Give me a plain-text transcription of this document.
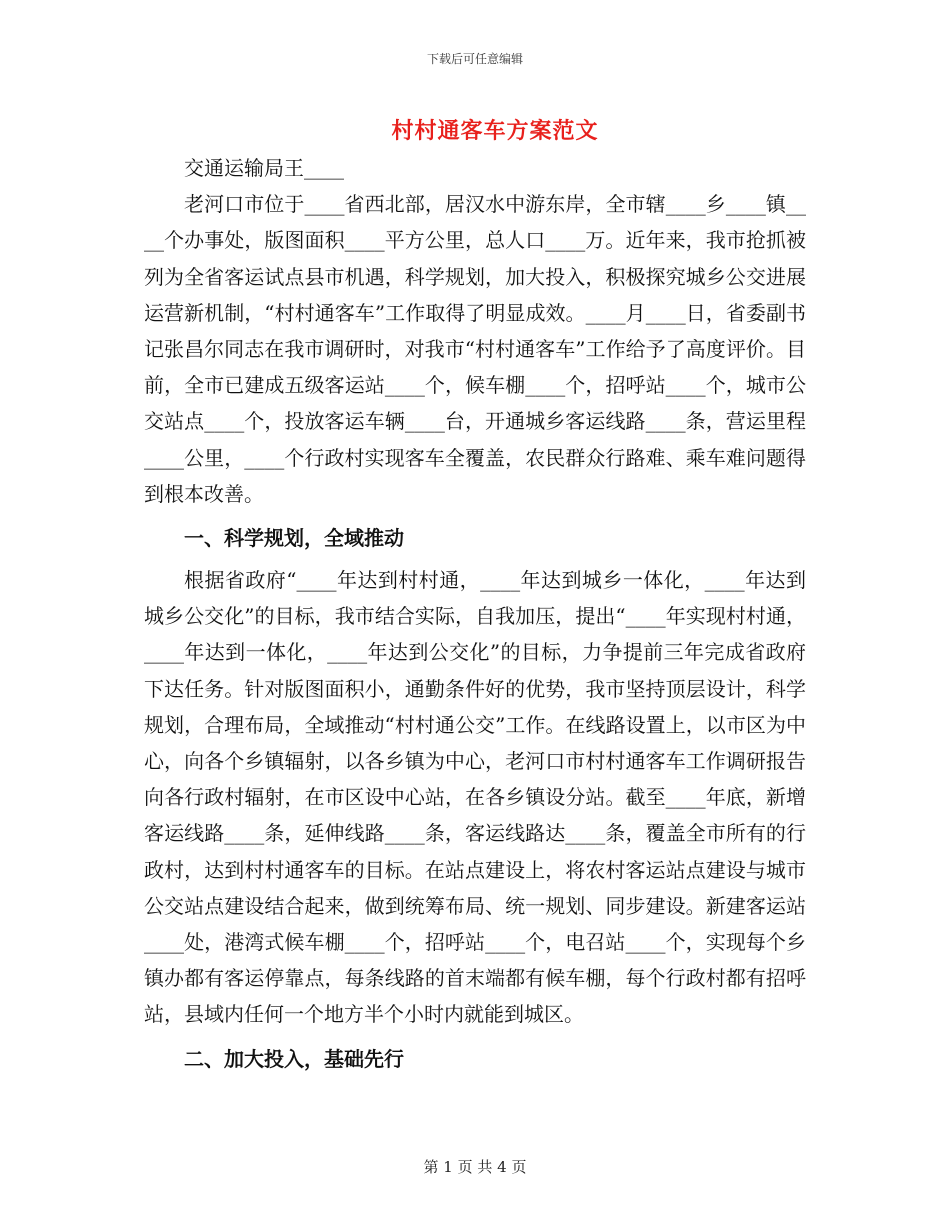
下载后可任意编辑
村村通客车方案范文

交通运输局王____

老河口市位于____省西北部，居汉水中游东岸，全市辖____乡____镇____个办事处，版图面积____平方公里，总人口____万。近年来，我市抢抓被列为全省客运试点县市机遇，科学规划，加大投入，积极探究城乡公交进展运营新机制，“村村通客车”工作取得了明显成效。____月____日，省委副书记张昌尔同志在我市调研时，对我市“村村通客车”工作给予了高度评价。目前，全市已建成五级客运站____个，候车棚____个，招呼站____个，城市公交站点____个，投放客运车辆____台，开通城乡客运线路____条，营运里程____公里，____个行政村实现客车全覆盖，农民群众行路难、乘车难问题得到根本改善。

一、科学规划，全域推动

根据省政府“____年达到村村通，____年达到城乡一体化，____年达到城乡公交化”的目标，我市结合实际，自我加压，提出“____年实现村村通，____年达到一体化，____年达到公交化”的目标，力争提前三年完成省政府下达任务。针对版图面积小，通勤条件好的优势，我市坚持顶层设计，科学规划，合理布局，全域推动“村村通公交”工作。在线路设置上，以市区为中心，向各个乡镇辐射，以各乡镇为中心，老河口市村村通客车工作调研报告向各行政村辐射，在市区设中心站，在各乡镇设分站。截至____年底，新增客运线路____条，延伸线路____条，客运线路达____条，覆盖全市所有的行政村，达到村村通客车的目标。在站点建设上，将农村客运站点建设与城市公交站点建设结合起来，做到统筹布局、统一规划、同步建设。新建客运站____处，港湾式候车棚____个，招呼站____个，电召站____个，实现每个乡镇办都有客运停靠点，每条线路的首末端都有候车棚，每个行政村都有招呼站，县域内任何一个地方半个小时内就能到城区。

二、加大投入，基础先行

第 1 页 共 4 页
